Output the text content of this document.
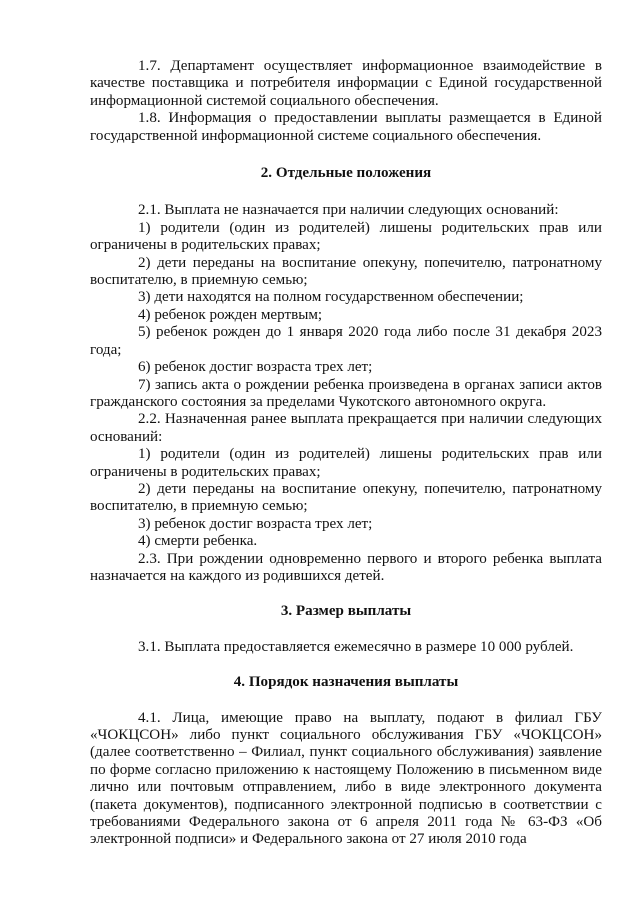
1.7. Департамент осуществляет информационное взаимодействие в качестве поставщика и потребителя информации с Единой государственной информационной системой социального обеспечения.

1.8. Информация о предоставлении выплаты размещается в Единой государственной информационной системе социального обеспечения.

2. Отдельные положения

2.1. Выплата не назначается при наличии следующих оснований:

1) родители (один из родителей) лишены родительских прав или ограничены в родительских правах;

2) дети переданы на воспитание опекуну, попечителю, патронатному воспитателю, в приемную семью;

3) дети находятся на полном государственном обеспечении;

4) ребенок рожден мертвым;

5) ребенок рожден до 1 января 2020 года либо после 31 декабря 2023 года;

6) ребенок достиг возраста трех лет;

7) запись акта о рождении ребенка произведена в органах записи актов гражданского состояния за пределами Чукотского автономного округа.

2.2. Назначенная ранее выплата прекращается при наличии следующих оснований:

1) родители (один из родителей) лишены родительских прав или ограничены в родительских правах;

2) дети переданы на воспитание опекуну, попечителю, патронатному воспитателю, в приемную семью;

3) ребенок достиг возраста трех лет;

4) смерти ребенка.

2.3. При рождении одновременно первого и второго ребенка выплата назначается на каждого из родившихся детей.

3. Размер выплаты

3.1. Выплата предоставляется ежемесячно в размере 10 000 рублей.

4. Порядок назначения выплаты

4.1. Лица, имеющие право на выплату, подают в филиал ГБУ «ЧОКЦСОН» либо пункт социального обслуживания ГБУ «ЧОКЦСОН» (далее соответственно – Филиал, пункт социального обслуживания) заявление по форме согласно приложению к настоящему Положению в письменном виде лично или почтовым отправлением, либо в виде электронного документа (пакета документов), подписанного электронной подписью в соответствии с требованиями Федерального закона от 6 апреля 2011 года № 63-ФЗ «Об электронной подписи» и Федерального закона от 27 июля 2010 года
